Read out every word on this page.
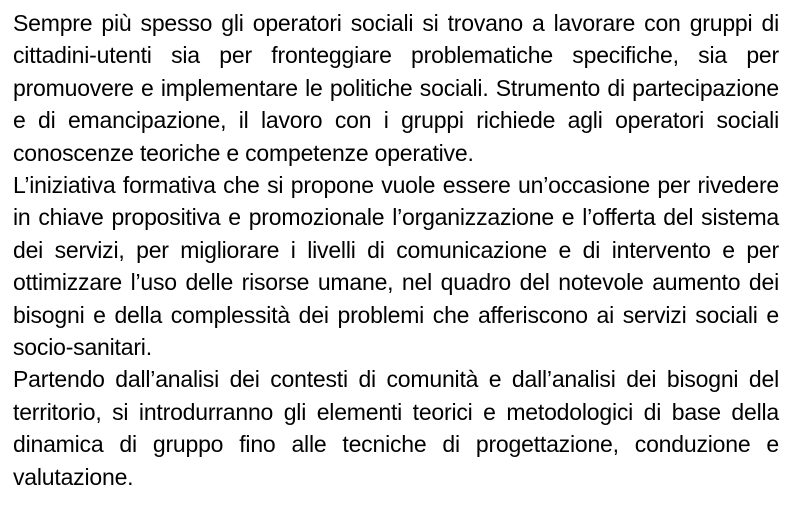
Sempre più spesso gli operatori sociali si trovano a lavorare con gruppi di cittadini-utenti sia per fronteggiare problematiche specifiche, sia per promuovere e implementare le politiche sociali. Strumento di partecipazione e di emancipazione, il lavoro con i gruppi richiede agli operatori sociali conoscenze teoriche e competenze operative.

L’iniziativa formativa che si propone vuole essere un’occasione per rivedere in chiave propositiva e promozionale l’organizzazione e l’offerta del sistema dei servizi, per migliorare i livelli di comunicazione e di intervento e per ottimizzare l’uso delle risorse umane, nel quadro del notevole aumento dei bisogni e della complessità dei problemi che afferiscono ai servizi sociali e socio-sanitari.

Partendo dall’analisi dei contesti di comunità e dall’analisi dei bisogni del territorio, si introdurranno gli elementi teorici e metodologici di base della dinamica di gruppo fino alle tecniche di progettazione, conduzione e valutazione.
